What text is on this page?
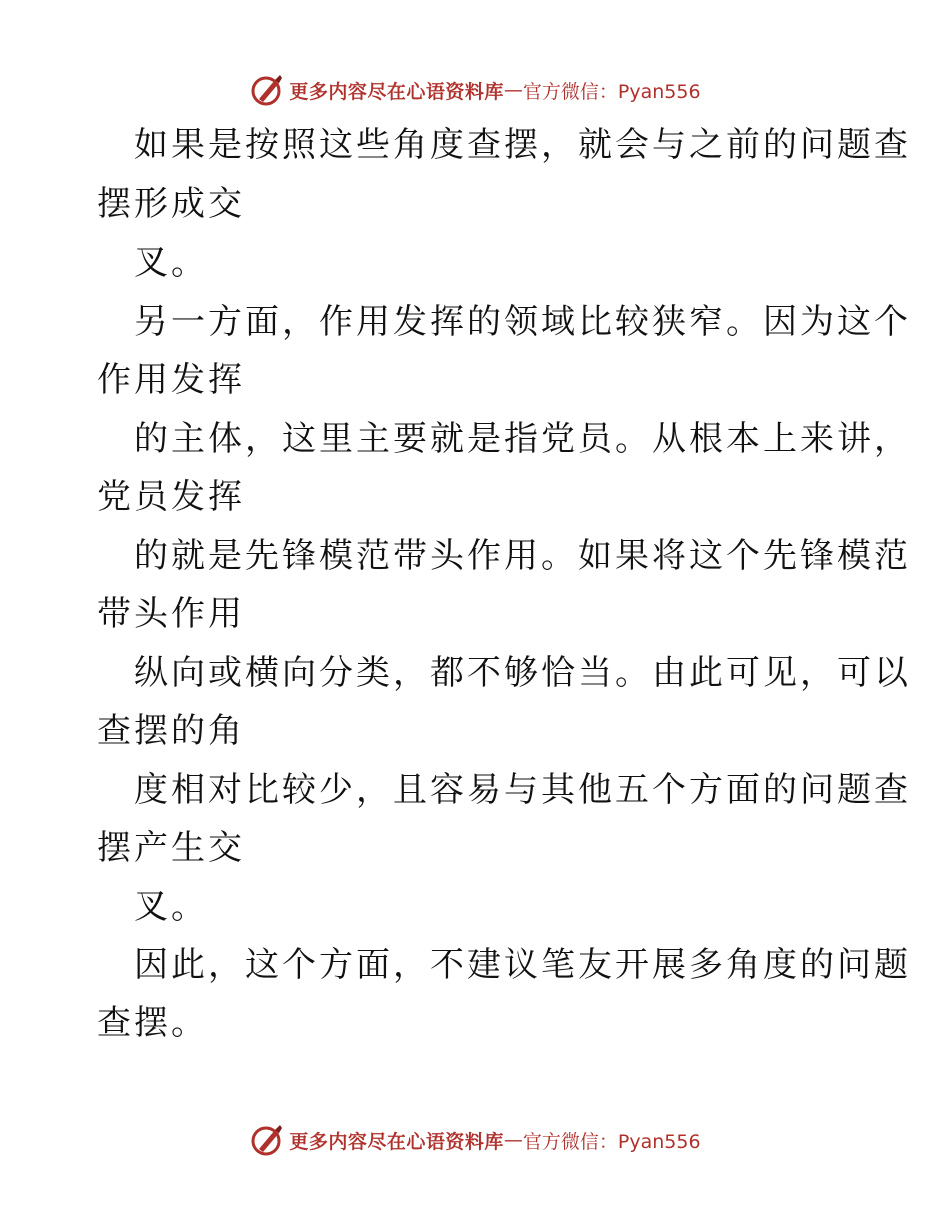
更多内容尽在心语资料库 — 官方微信：Pyan556
　如果是按照这些角度查摆，就会与之前的问题查
摆形成交
　叉。
　另一方面，作用发挥的领域比较狭窄。因为这个
作用发挥
　的主体，这里主要就是指党员。从根本上来讲，
党员发挥
　的就是先锋模范带头作用。如果将这个先锋模范
带头作用
　纵向或横向分类，都不够恰当。由此可见，可以
查摆的角
　度相对比较少，且容易与其他五个方面的问题查
摆产生交
　叉。
　因此，这个方面，不建议笔友开展多角度的问题
查摆。
更多内容尽在心语资料库 — 官方微信：Pyan556
